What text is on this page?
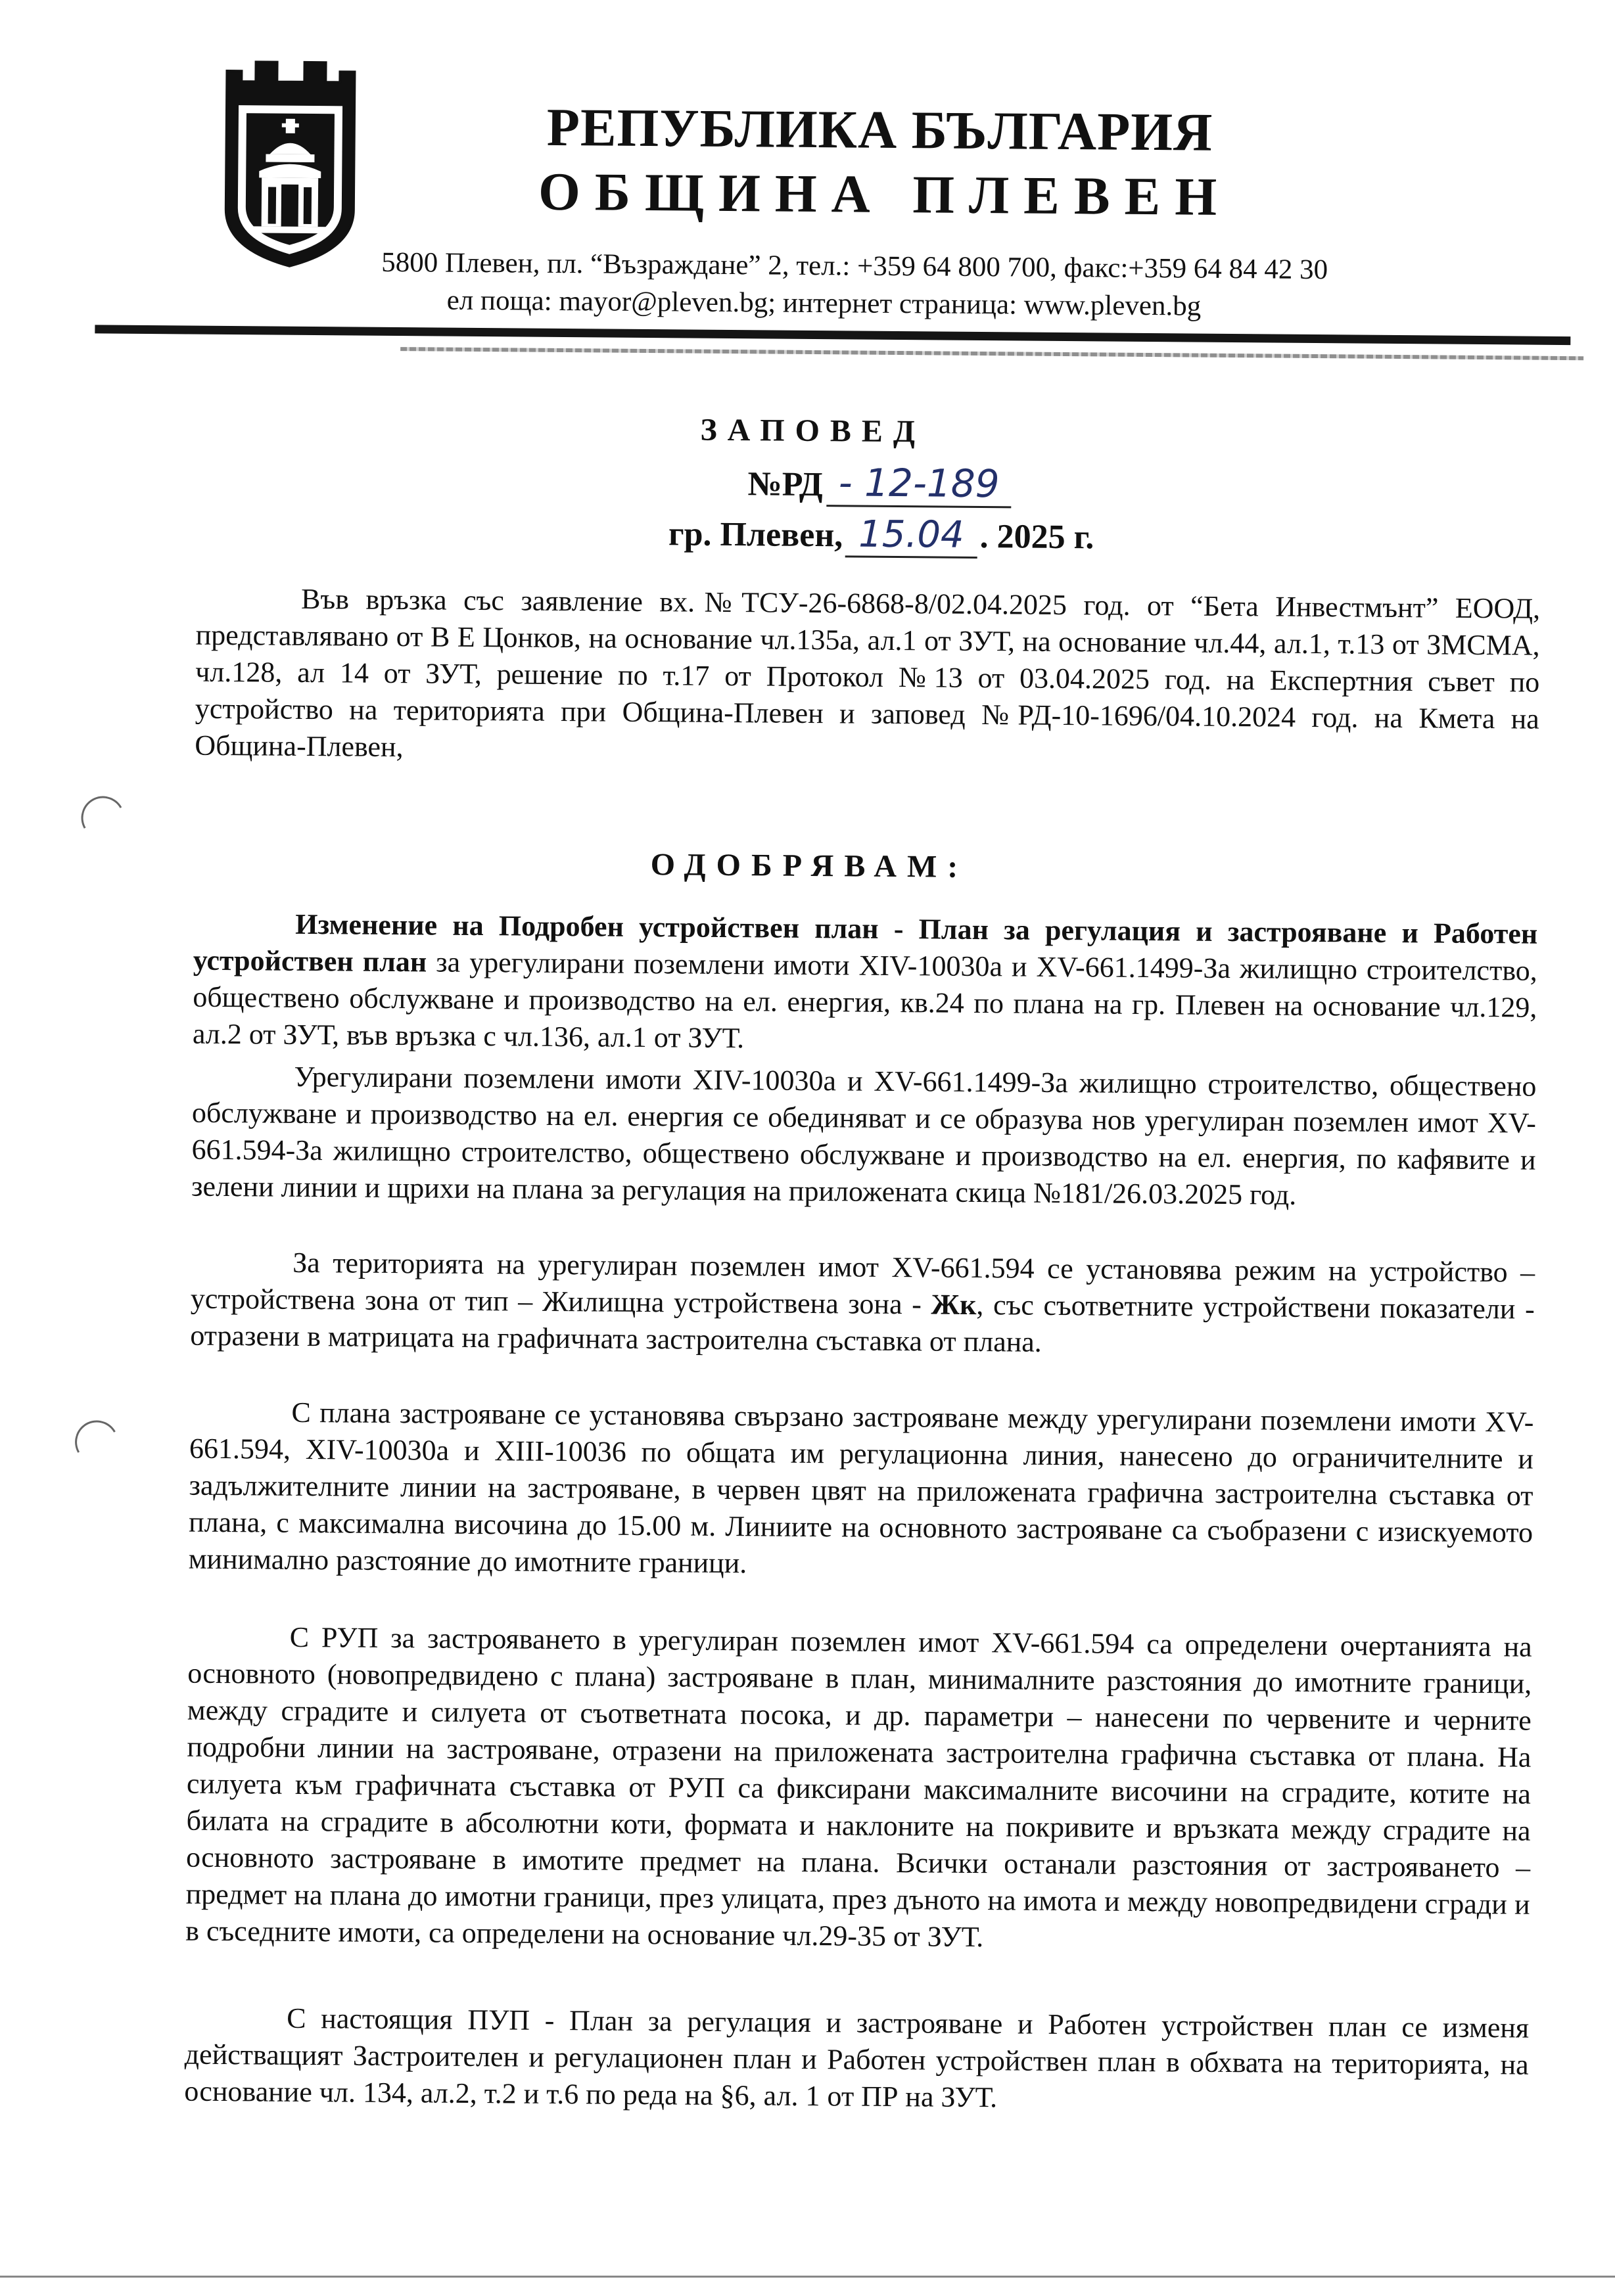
РЕПУБЛИКА БЪЛГАРИЯ
ОБЩИНА ПЛЕВЕН
5800 Плевен, пл. “Възраждане” 2, тел.: +359 64 800 700, факс:+359 64 84 42 30
ел поща: mayor@pleven.bg; интернет страница: www.pleven.bg
ЗАПОВЕД
№РД - 12-189
гр. Плевен, 15.04 . 2025 г.
Във връзка със заявление вх.№ТСУ-26-6868-8/02.04.2025 год. от “Бета Инвестмънт” ЕООД, представлявано от В Е Цонков, на основание чл.135а, ал.1 от ЗУТ, на основание чл.44, ал.1, т.13 от ЗМСМА, чл.128, ал 14 от ЗУТ, решение по т.17 от Протокол №13 от 03.04.2025 год. на Експертния съвет по устройство на територията при Община-Плевен и заповед №РД-10-1696/04.10.2024 год. на Кмета на Община-Плевен,
ОДОБРЯВАМ:
Изменение на Подробен устройствен план - План за регулация и застрояване и Работен устройствен план за урегулирани поземлени имоти XIV-10030а и XV-661.1499-За жилищно строителство, обществено обслужване и производство на ел. енергия, кв.24 по плана на гр. Плевен на основание чл.129, ал.2 от ЗУТ, във връзка с чл.136, ал.1 от ЗУТ.
Урегулирани поземлени имоти XIV-10030а и XV-661.1499-За жилищно строителство, обществено обслужване и производство на ел. енергия се обединяват и се образува нов урегулиран поземлен имот XV-661.594-За жилищно строителство, обществено обслужване и производство на ел. енергия, по кафявите и зелени линии и щрихи на плана за регулация на приложената скица №181/26.03.2025 год.
За територията на урегулиран поземлен имот XV-661.594 се установява режим на устройство – устройствена зона от тип – Жилищна устройствена зона - Жк, със съответните устройствени показатели - отразени в матрицата на графичната застроителна съставка от плана.
С плана застрояване се установява свързано застрояване между урегулирани поземлени имоти XV-661.594, XIV-10030а и XIII-10036 по общата им регулационна линия, нанесено до ограничителните и задължителните линии на застрояване, в червен цвят на приложената графична застроителна съставка от плана, с максимална височина до 15.00 м. Линиите на основното застрояване са съобразени с изискуемото минимално разстояние до имотните граници.
С РУП за застрояването в урегулиран поземлен имот XV-661.594 са определени очертанията на основното (новопредвидено с плана) застрояване в план, минималните разстояния до имотните граници, между сградите и силуета от съответната посока, и др. параметри – нанесени по червените и черните подробни линии на застрояване, отразени на приложената застроителна графична съставка от плана. На силуета към графичната съставка от РУП са фиксирани максималните височини на сградите, котите на билата на сградите в абсолютни коти, формата и наклоните на покривите и връзката между сградите на основното застрояване в имотите предмет на плана. Всички останали разстояния от застрояването – предмет на плана до имотни граници, през улицата, през дъното на имота и между новопредвидени сгради и в съседните имоти, са определени на основание чл.29-35 от ЗУТ.
С настоящия ПУП - План за регулация и застрояване и Работен устройствен план се изменя действащият Застроителен и регулационен план и Работен устройствен план в обхвата на територията, на основание чл. 134, ал.2, т.2 и т.6 по реда на §6, ал. 1 от ПР на ЗУТ.
